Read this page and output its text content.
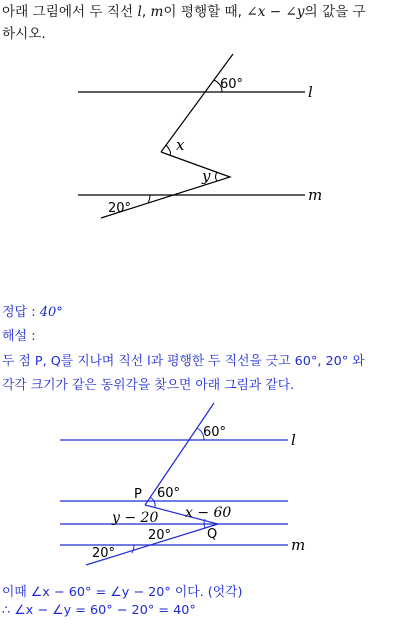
아래 그림에서 두 직선 l, m이 평행할 때, ∠x − ∠y의 값을 구
하시오.
60°	l
x
y
m
20°
정답 : 40°
해설 :
두 점 P, Q를 지나며 직선 l과 평행한 두 직선을 긋고 60°, 20° 와
각각 크기가 같은 동위각을 찾으면 아래 그림과 같다.
60°	l
P 60°
x − 60
y − 20
20°	Q
m
20°
이때 ∠x − 60° = ∠y − 20° 이다. (엇각)
∴ ∠x − ∠y = 60° − 20° = 40°
